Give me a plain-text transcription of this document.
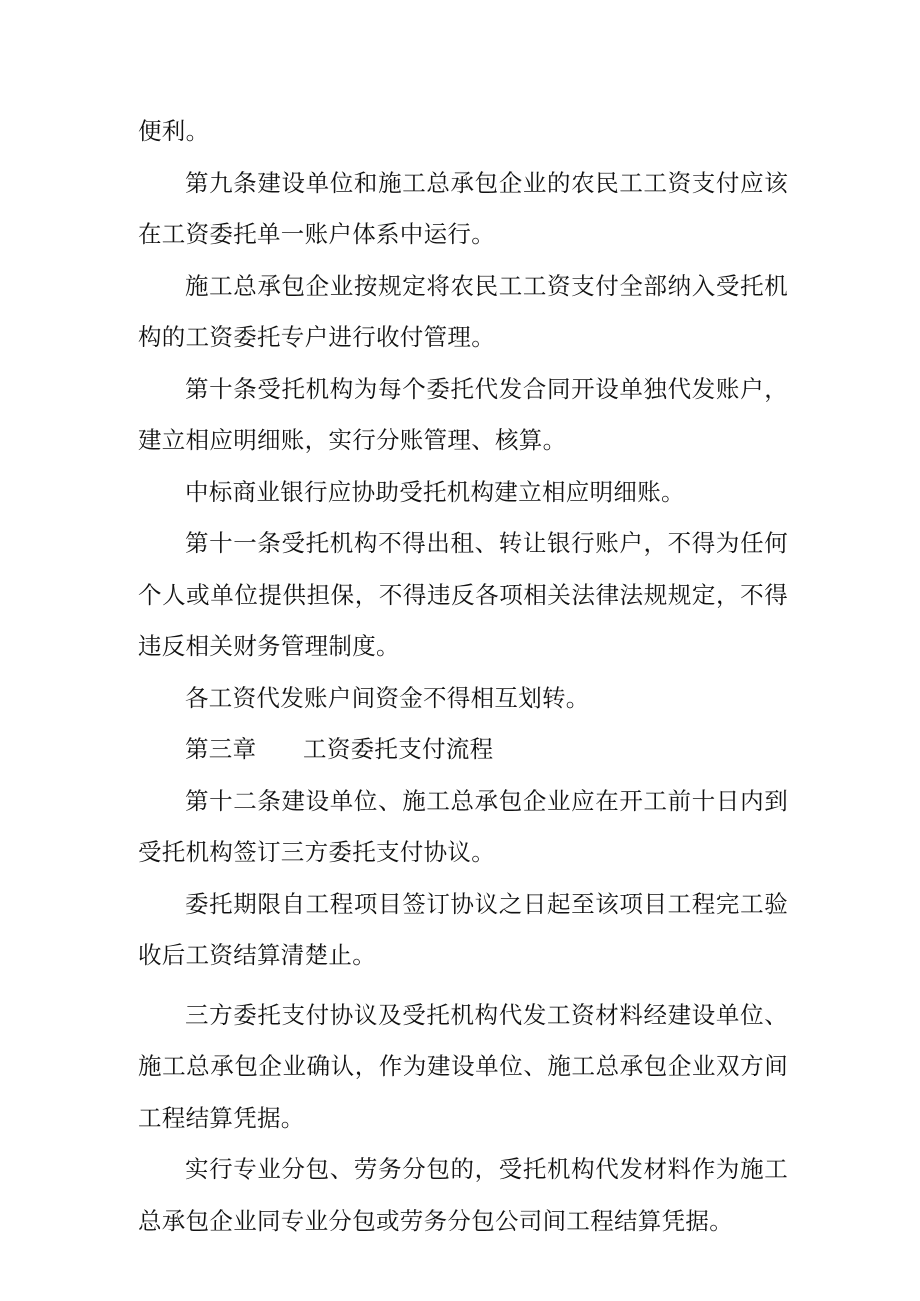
便利。

第九条建设单位和施工总承包企业的农民工工资支付应该在工资委托单一账户体系中运行。

施工总承包企业按规定将农民工工资支付全部纳入受托机构的工资委托专户进行收付管理。

第十条受托机构为每个委托代发合同开设单独代发账户，建立相应明细账，实行分账管理、核算。

中标商业银行应协助受托机构建立相应明细账。

第十一条受托机构不得出租、转让银行账户，不得为任何个人或单位提供担保，不得违反各项相关法律法规规定，不得违反相关财务管理制度。

各工资代发账户间资金不得相互划转。

第三章      工资委托支付流程

第十二条建设单位、施工总承包企业应在开工前十日内到受托机构签订三方委托支付协议。

委托期限自工程项目签订协议之日起至该项目工程完工验收后工资结算清楚止。

三方委托支付协议及受托机构代发工资材料经建设单位、施工总承包企业确认，作为建设单位、施工总承包企业双方间工程结算凭据。

实行专业分包、劳务分包的，受托机构代发材料作为施工总承包企业同专业分包或劳务分包公司间工程结算凭据。
